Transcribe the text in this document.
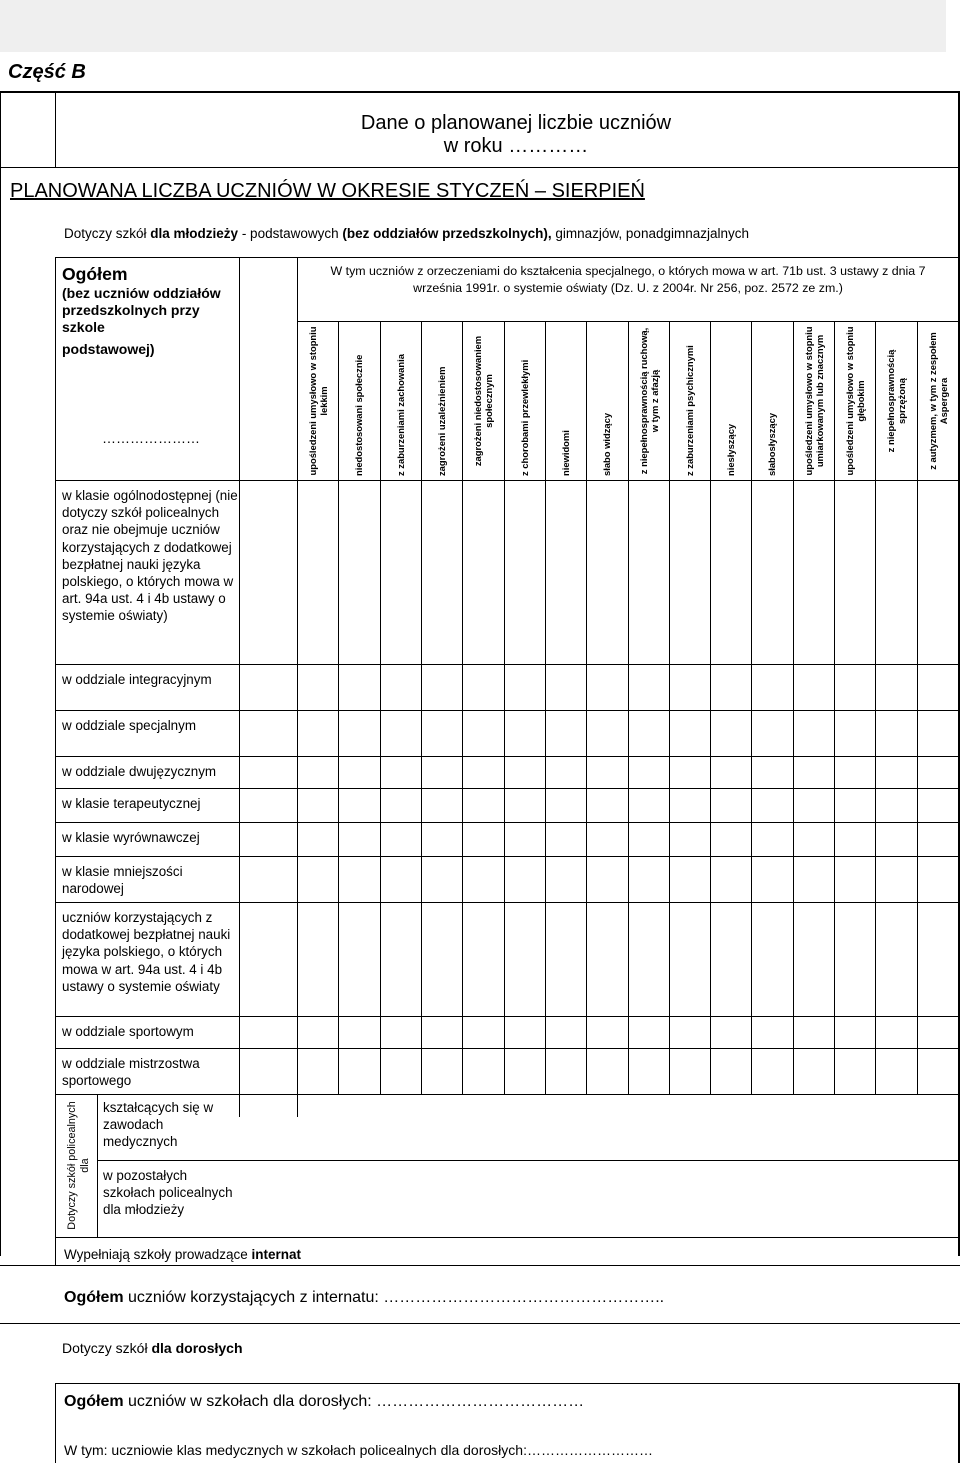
Część B
Dane o planowanej liczbie uczniów
w roku …………
PLANOWANA LICZBA UCZNIÓW W OKRESIE STYCZEŃ – SIERPIEŃ
Dotyczy szkół dla młodzieży - podstawowych (bez oddziałów przedszkolnych), gimnazjów, ponadgimnazjalnych
Ogółem
(bez uczniów oddziałów
przedszkolnych przy szkole
podstawowej)
…………………
W tym uczniów z orzeczeniami do kształcenia specjalnego, o których mowa w art. 71b ust. 3 ustawy z dnia 7 września 1991r. o systemie oświaty (Dz. U. z 2004r. Nr 256, poz. 2572 ze zm.)
upośledzeni umysłowo w stopniu lekkim	niedostosowani społecznie	z zaburzeniami zachowania	zagrożeni uzależnieniem	zagrożeni niedostosowaniem społecznym	z chorobami przewlekłymi	niewidomi	słabo widzący	z niepełnosprawnością ruchową, w tym z afazją	z zaburzeniami psychicznymi	niesłyszący	słabosłyszący	upośledzeni umysłowo w stopniu umiarkowanym lub znacznym	upośledzeni umysłowo w stopniu głębokim	z niepełnosprawnością sprzężoną	z autyzmem, w tym z zespołem Aspergera
w klasie ogólnodostępnej (nie dotyczy szkół policealnych oraz nie obejmuje uczniów korzystających z dodatkowej bezpłatnej nauki języka polskiego, o których mowa w art. 94a ust. 4 i 4b ustawy o systemie oświaty)
w oddziale integracyjnym
w oddziale specjalnym
w oddziale dwujęzycznym
w klasie terapeutycznej
w klasie wyrównawczej
w klasie mniejszości narodowej
uczniów korzystających z dodatkowej bezpłatnej nauki języka polskiego, o których mowa w art. 94a ust. 4 i 4b ustawy o systemie oświaty
w oddziale sportowym
w oddziale mistrzostwa sportowego
Dotyczy szkół policealnych dla
kształcących się w zawodach medycznych
w pozostałych szkołach policealnych dla młodzieży
Wypełniają szkoły prowadzące internat
Ogółem uczniów korzystających z internatu: ……………………………………………..
Dotyczy szkół dla dorosłych
Ogółem uczniów w szkołach dla dorosłych: …………………………………
W tym: uczniowie klas medycznych w szkołach policealnych dla dorosłych:………………………
